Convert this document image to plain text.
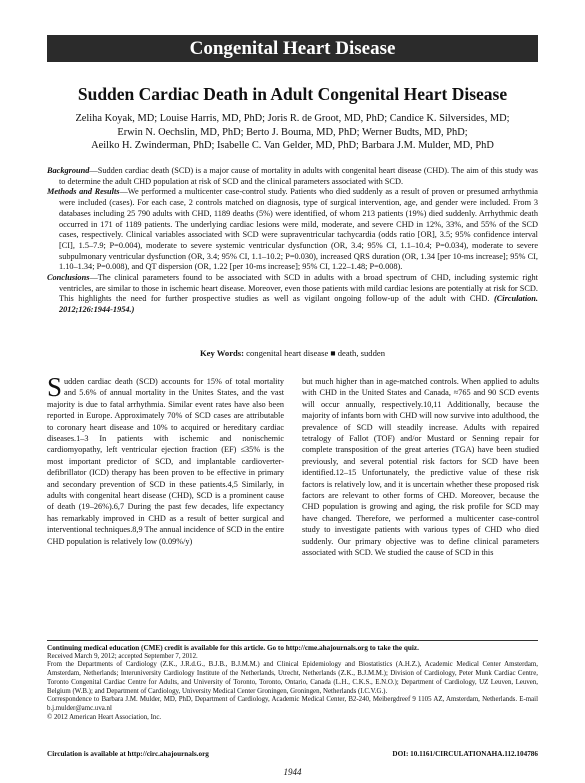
Congenital Heart Disease
Sudden Cardiac Death in Adult Congenital Heart Disease
Zeliha Koyak, MD; Louise Harris, MD, PhD; Joris R. de Groot, MD, PhD; Candice K. Silversides, MD;
Erwin N. Oechslin, MD, PhD; Berto J. Bouma, MD, PhD; Werner Budts, MD, PhD;
Aeilko H. Zwinderman, PhD; Isabelle C. Van Gelder, MD, PhD; Barbara J.M. Mulder, MD, PhD

Background—Sudden cardiac death (SCD) is a major cause of mortality in adults with congenital heart disease (CHD). The aim of this study was to determine the adult CHD population at risk of SCD and the clinical parameters associated with SCD.

Methods and Results—We performed a multicenter case-control study. Patients who died suddenly as a result of proven or presumed arrhythmia were included (cases). For each case, 2 controls matched on diagnosis, type of surgical intervention, age, and gender were included. From 3 databases including 25 790 adults with CHD, 1189 deaths (5%) were identified, of whom 213 patients (19%) died suddenly. Arrhythmic death occurred in 171 of 1189 patients. The underlying cardiac lesions were mild, moderate, and severe CHD in 12%, 33%, and 55% of the SCD cases, respectively. Clinical variables associated with SCD were supraventricular tachycardia (odds ratio [OR], 3.5; 95% confidence interval [CI], 1.5–7.9; P=0.004), moderate to severe systemic ventricular dysfunction (OR, 3.4; 95% CI, 1.1–10.4; P=0.034), moderate to severe subpulmonary ventricular dysfunction (OR, 3.4; 95% CI, 1.1–10.2; P=0.030), increased QRS duration (OR, 1.34 [per 10-ms increase]; 95% CI, 1.10–1.34; P=0.008), and QT dispersion (OR, 1.22 [per 10-ms increase]; 95% CI, 1.22–1.48; P=0.008).

Conclusions—The clinical parameters found to be associated with SCD in adults with a broad spectrum of CHD, including systemic right ventricles, are similar to those in ischemic heart disease. Moreover, even those patients with mild cardiac lesions are potentially at risk for SCD. This highlights the need for further prospective studies as well as vigilant ongoing follow-up of the adult with CHD. (Circulation. 2012;126:1944-1954.)

Key Words: congenital heart disease ■ death, sudden
Sudden cardiac death (SCD) accounts for 15% of total mortality and 5.6% of annual mortality in the Unites States, and the vast majority is due to fatal arrhythmia. Similar event rates have also been reported in Europe. Approximately 70% of SCD cases are attributable to coronary heart disease and 10% to acquired or hereditary cardiac diseases.1–3 In patients with ischemic and nonischemic cardiomyopathy, left ventricular ejection fraction (EF) ≤35% is the most important predictor of SCD, and implantable cardioverter-defibrillator (ICD) therapy has been proven to be effective in primary and secondary prevention of SCD in these patients.4,5 Similarly, in adults with congenital heart disease (CHD), SCD is a prominent cause of death (19–26%).6,7 During the past few decades, life expectancy has remarkably improved in CHD as a result of better surgical and interventional techniques.8,9 The annual incidence of SCD in the entire CHD population is relatively low (0.09%/y)
but much higher than in age-matched controls. When applied to adults with CHD in the United States and Canada, ≈765 and 90 SCD events will occur annually, respectively.10,11 Additionally, because the majority of infants born with CHD will now survive into adulthood, the prevalence of SCD will steadily increase. Adults with repaired tetralogy of Fallot (TOF) and/or Mustard or Senning repair for complete transposition of the great arteries (TGA) have been studied previously, and several potential risk factors for SCD have been identified.12–15 Unfortunately, the predictive value of these risk factors is relatively low, and it is uncertain whether these proposed risk factors are relevant to other forms of CHD. Moreover, because the CHD population is growing and aging, the risk profile for SCD may have changed. Therefore, we performed a multicenter case-control study to investigate patients with various types of CHD who died suddenly. Our primary objective was to define clinical parameters associated with SCD. We studied the cause of SCD in this

Continuing medical education (CME) credit is available for this article. Go to http://cme.ahajournals.org to take the quiz.

Received March 9, 2012; accepted September 7, 2012.

From the Departments of Cardiology (Z.K., J.R.d.G., B.J.B., B.J.M.M.) and Clinical Epidemiology and Biostatistics (A.H.Z.), Academic Medical Center Amsterdam, Amsterdam, Netherlands; Interuniversity Cardiology Institute of the Netherlands, Utrecht, Netherlands (Z.K., B.J.M.M.); Division of Cardiology, Peter Munk Cardiac Centre, Toronto Congenital Cardiac Centre for Adults, and University of Toronto, Toronto, Ontario, Canada (L.H., C.K.S., E.N.O.); Department of Cardiology, UZ Leuven, Leuven, Belgium (W.B.); and Department of Cardiology, University Medical Center Groningen, Groningen, Netherlands (I.C.V.G.).

Correspondence to Barbara J.M. Mulder, MD, PhD, Department of Cardiology, Academic Medical Center, B2-240, Meibergdreef 9 1105 AZ, Amsterdam, Netherlands. E-mail b.j.mulder@amc.uva.nl

© 2012 American Heart Association, Inc.

Circulation is available at http://circ.ahajournals.org	DOI: 10.1161/CIRCULATIONAHA.112.104786
1944
